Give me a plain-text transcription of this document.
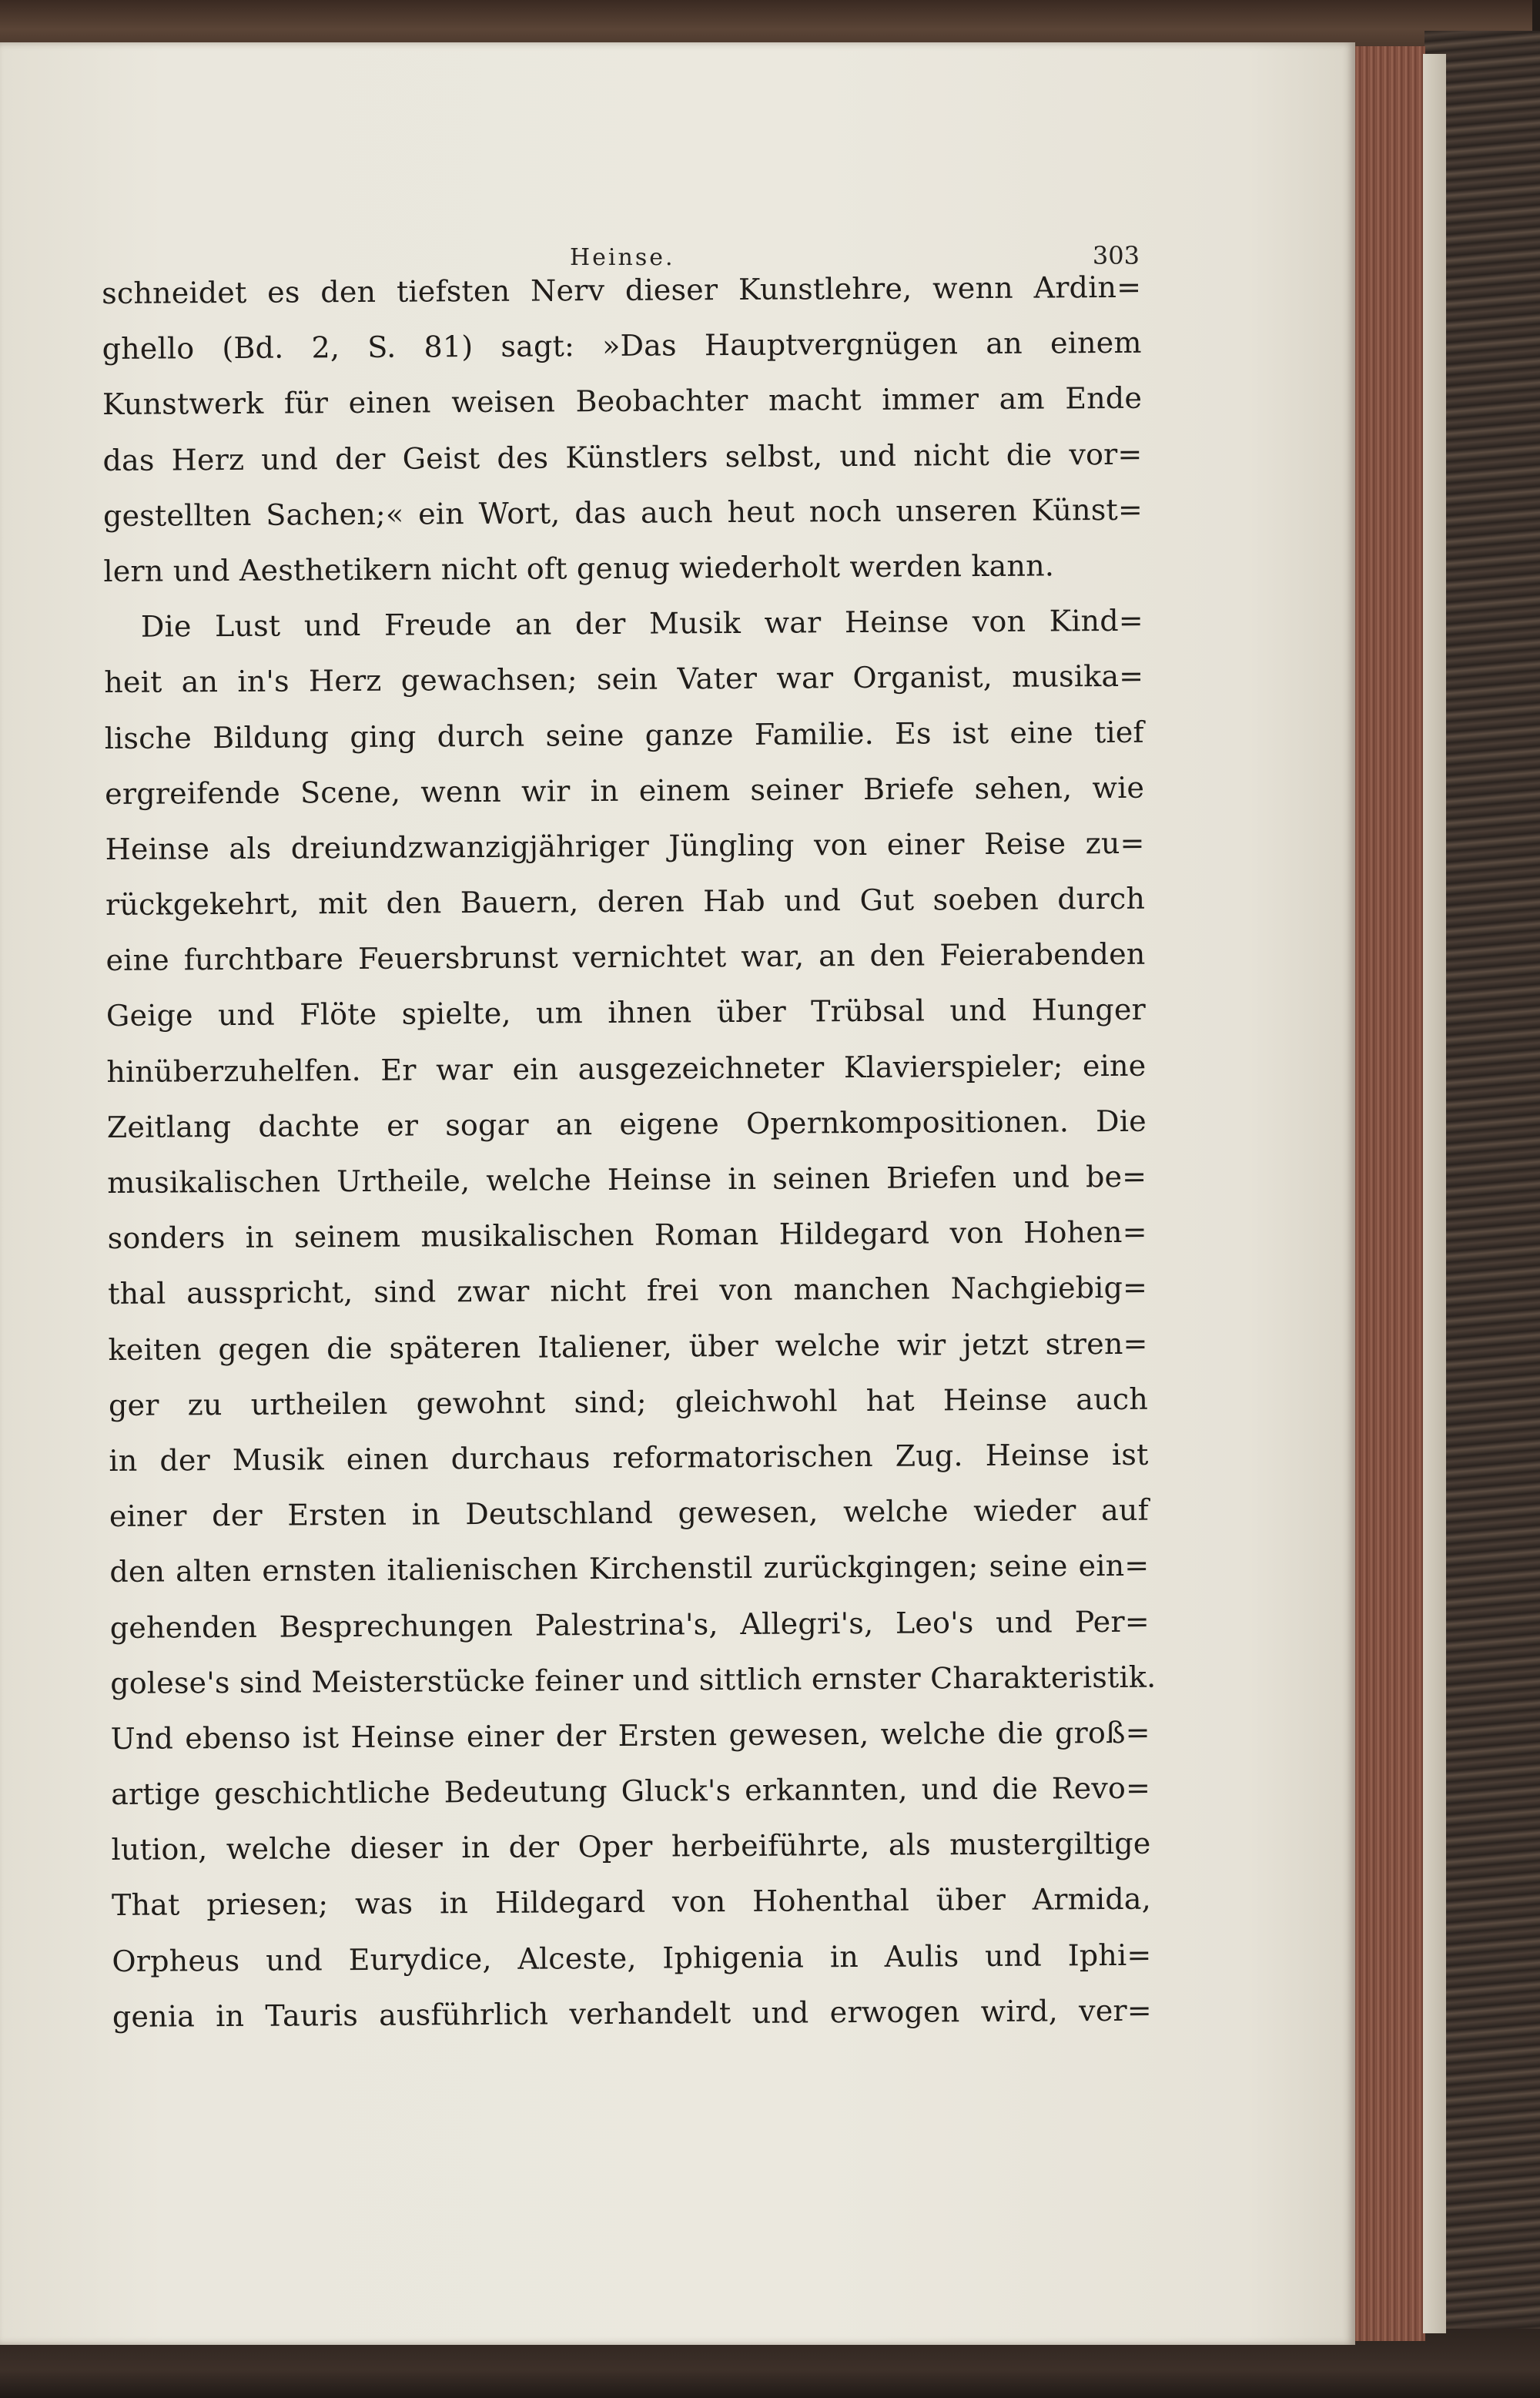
Heinse.	303
schneidet es den tiefsten Nerv dieser Kunstlehre, wenn Ardin=
ghello (Bd. 2, S. 81) sagt: »Das Hauptvergnügen an einem
Kunstwerk für einen weisen Beobachter macht immer am Ende
das Herz und der Geist des Künstlers selbst, und nicht die vor=
gestellten Sachen;« ein Wort, das auch heut noch unseren Künst=
lern und Aesthetikern nicht oft genug wiederholt werden kann.
Die Lust und Freude an der Musik war Heinse von Kind=
heit an in's Herz gewachsen; sein Vater war Organist, musika=
lische Bildung ging durch seine ganze Familie. Es ist eine tief
ergreifende Scene, wenn wir in einem seiner Briefe sehen, wie
Heinse als dreiundzwanzigjähriger Jüngling von einer Reise zu=
rückgekehrt, mit den Bauern, deren Hab und Gut soeben durch
eine furchtbare Feuersbrunst vernichtet war, an den Feierabenden
Geige und Flöte spielte, um ihnen über Trübsal und Hunger
hinüberzuhelfen. Er war ein ausgezeichneter Klavierspieler; eine
Zeitlang dachte er sogar an eigene Opernkompositionen. Die
musikalischen Urtheile, welche Heinse in seinen Briefen und be=
sonders in seinem musikalischen Roman Hildegard von Hohen=
thal ausspricht, sind zwar nicht frei von manchen Nachgiebig=
keiten gegen die späteren Italiener, über welche wir jetzt stren=
ger zu urtheilen gewohnt sind; gleichwohl hat Heinse auch
in der Musik einen durchaus reformatorischen Zug. Heinse ist
einer der Ersten in Deutschland gewesen, welche wieder auf
den alten ernsten italienischen Kirchenstil zurückgingen; seine ein=
gehenden Besprechungen Palestrina's, Allegri's, Leo's und Per=
golese's sind Meisterstücke feiner und sittlich ernster Charakteristik.
Und ebenso ist Heinse einer der Ersten gewesen, welche die groß=
artige geschichtliche Bedeutung Gluck's erkannten, und die Revo=
lution, welche dieser in der Oper herbeiführte, als mustergiltige
That priesen; was in Hildegard von Hohenthal über Armida,
Orpheus und Eurydice, Alceste, Iphigenia in Aulis und Iphi=
genia in Tauris ausführlich verhandelt und erwogen wird, ver=
